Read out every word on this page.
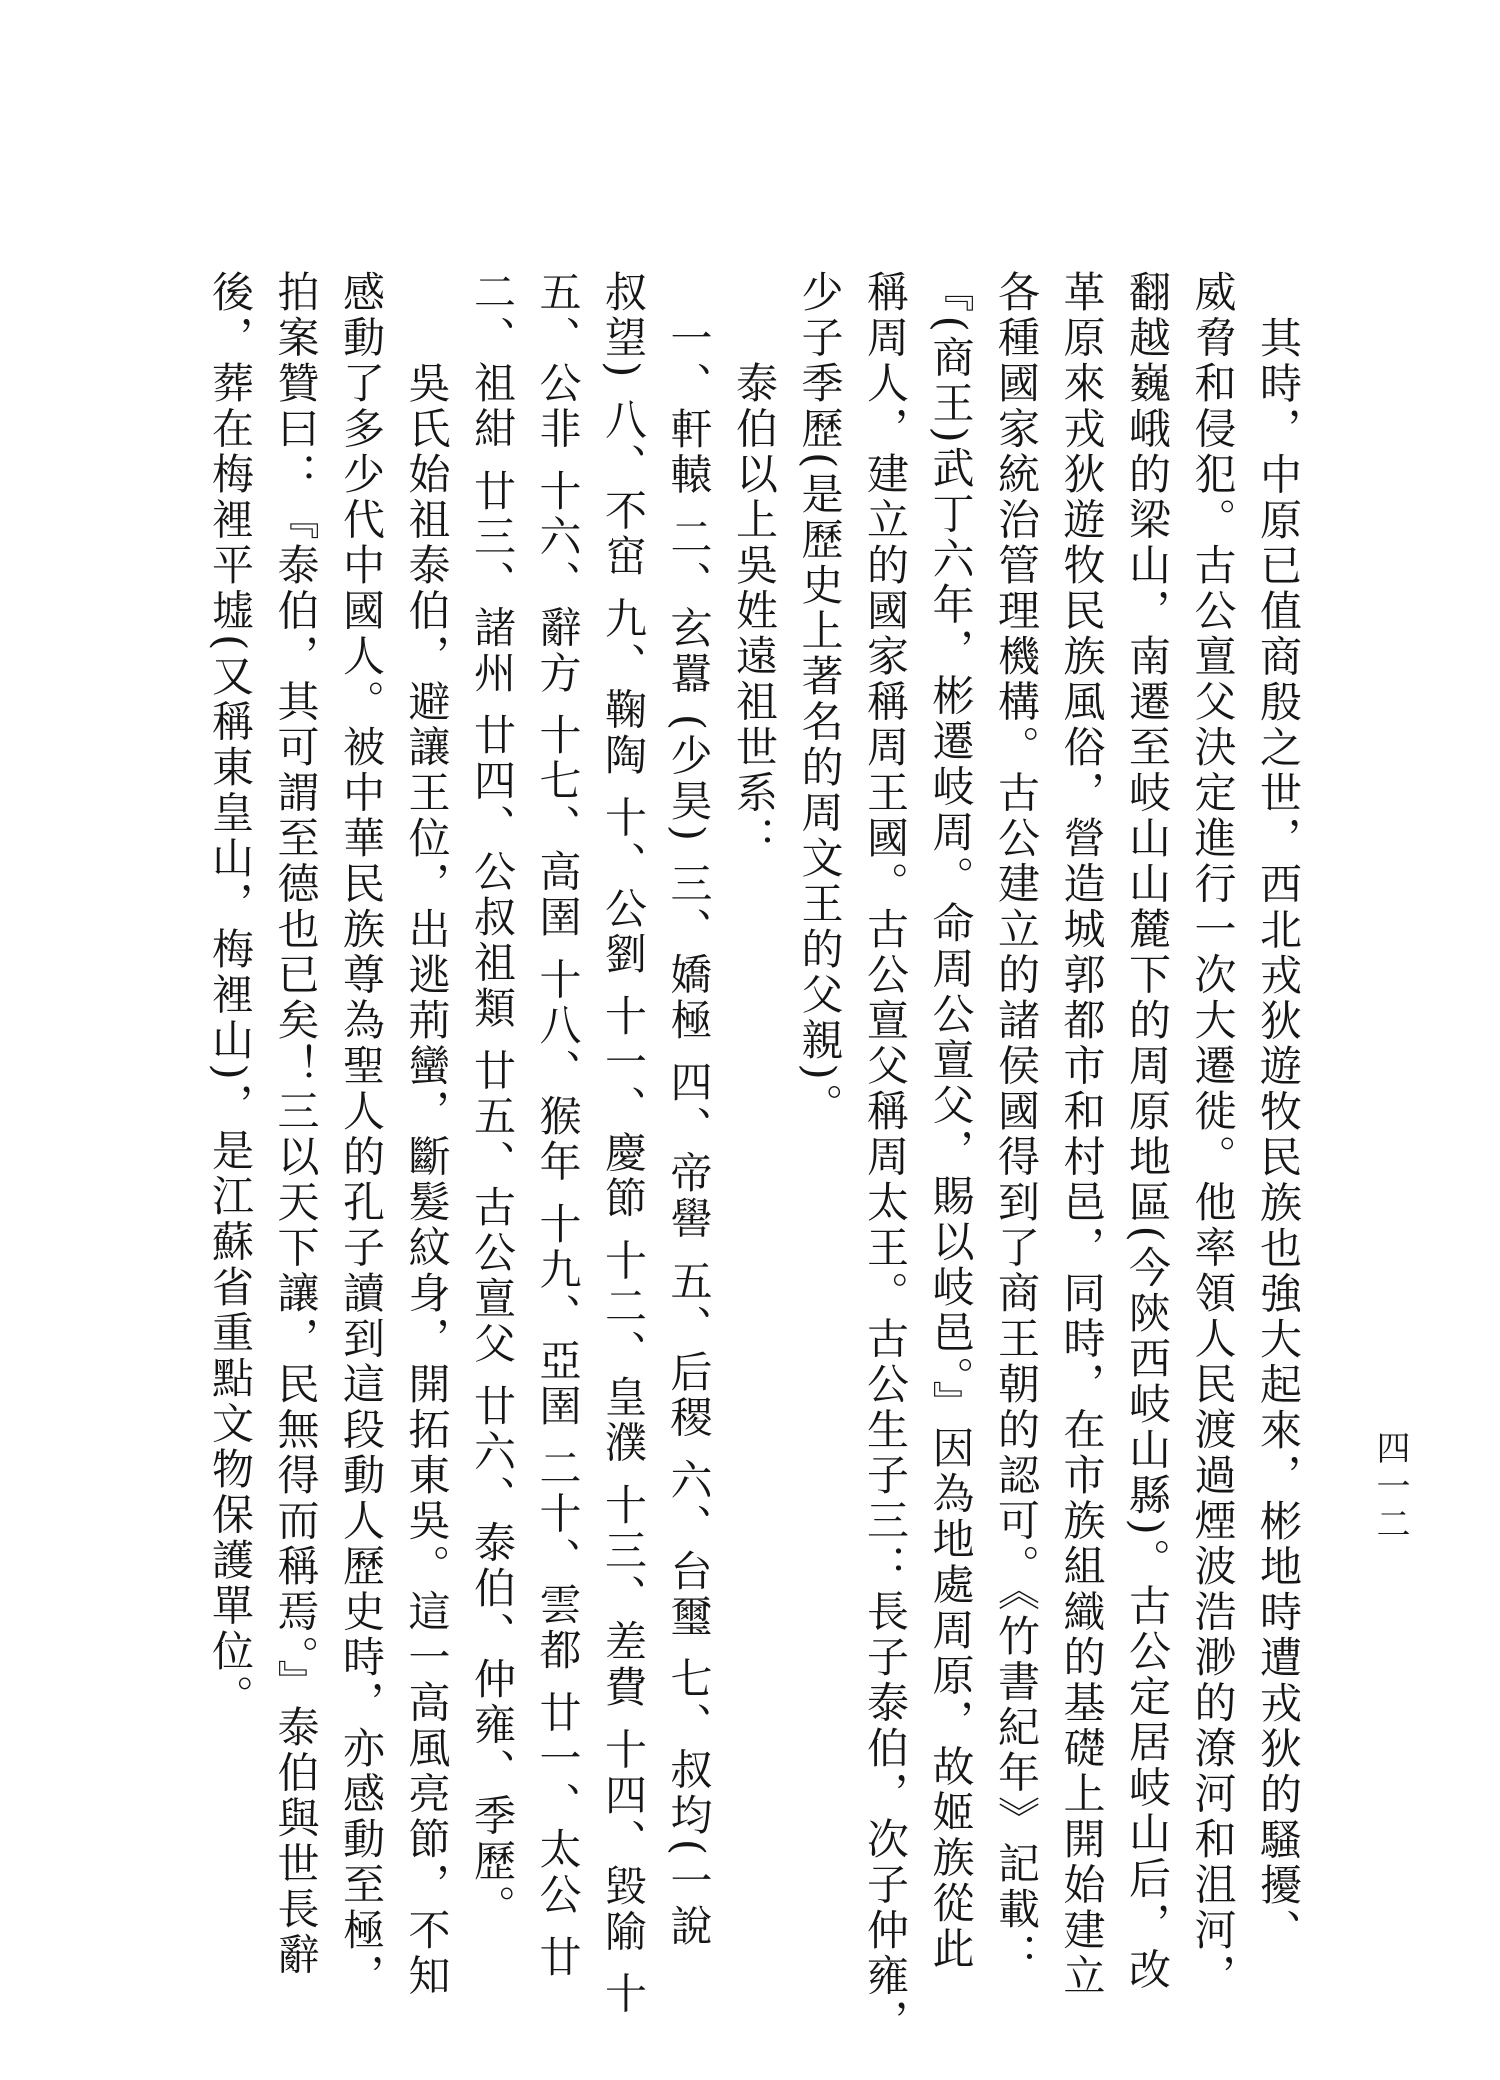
四一二
其時，中原已值商殷之世，西北戎狄遊牧民族也強大起來，彬地時遭戎狄的騷擾、
威脅和侵犯。古公亶父決定進行一次大遷徙。他率領人民渡過煙波浩渺的潦河和沮河，
翻越巍峨的梁山，南遷至岐山山麓下的周原地區(今陝西岐山縣)。古公定居岐山后，改
革原來戎狄遊牧民族風俗，營造城郭都市和村邑，同時，在市族組織的基礎上開始建立
各種國家統治管理機構。古公建立的諸侯國得到了商王朝的認可。《竹書紀年》記載：
『(商王)武丁六年，彬遷岐周。命周公亶父，賜以岐邑。』因為地處周原，故姬族從此
稱周人，建立的國家稱周王國。古公亶父稱周太王。古公生子三：長子泰伯，次子仲雍，
少子季歷(是歷史上著名的周文王的父親)。
泰伯以上吳姓遠祖世系：
一、軒轅 二、玄囂 (少昊) 三、嬌極 四、帝嚳 五、后稷 六、台璽 七、叔均(一說
叔望) 八、不窋 九、鞠陶 十、公劉 十一、慶節 十二、皇濮 十三、差費 十四、毀隃 十
五、公非 十六、辭方 十七、高圉 十八、猴年 十九、亞圉 二十、雲都 廿一、太公 廿
二、祖紺 廿三、諸州 廿四、公叔祖類 廿五、古公亶父 廿六、泰伯、仲雍、季歷。
吳氏始祖泰伯，避讓王位，出逃荊蠻，斷髮紋身，開拓東吳。這一高風亮節，不知
感動了多少代中國人。被中華民族尊為聖人的孔子讀到這段動人歷史時，亦感動至極，
拍案贊曰：『泰伯，其可謂至德也已矣！三以天下讓，民無得而稱焉。』泰伯與世長辭
後，葬在梅裡平墟(又稱東皇山，梅裡山)，是江蘇省重點文物保護單位。
